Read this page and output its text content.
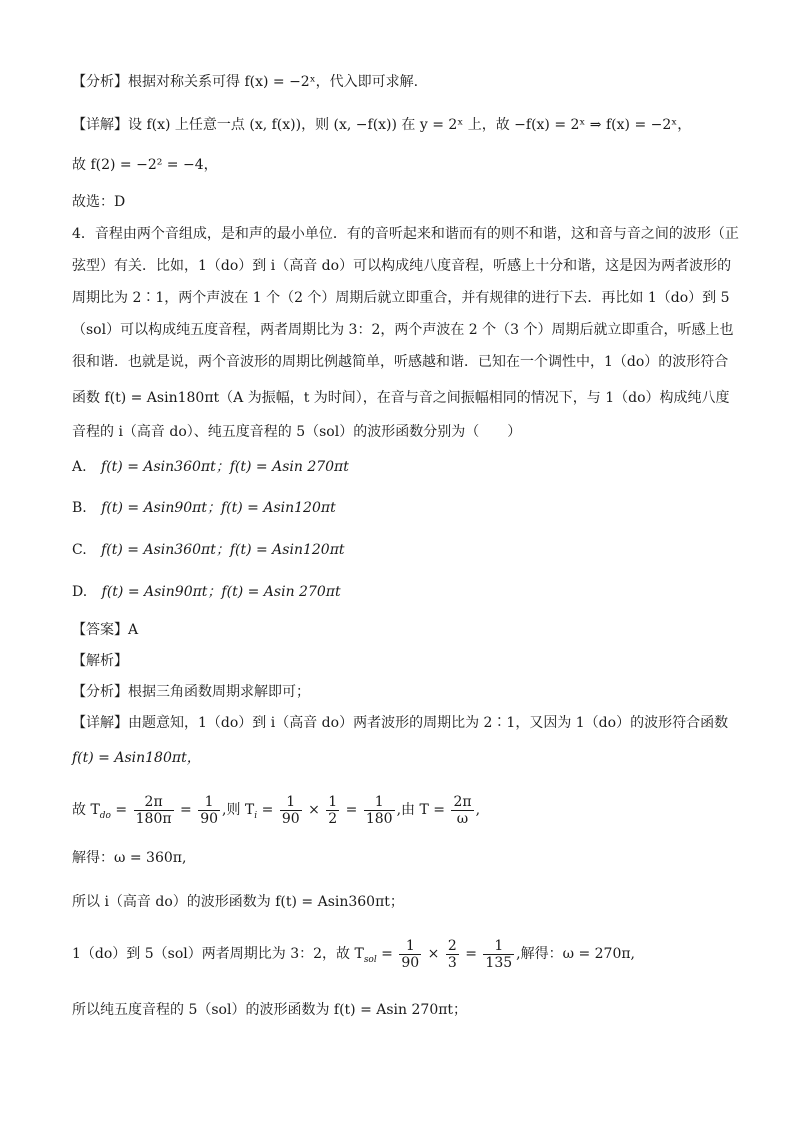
【分析】根据对称关系可得 f(x) = −2ˣ，代入即可求解.
【详解】设 f(x) 上任意一点 (x, f(x))，则 (x, −f(x)) 在 y = 2ˣ 上，故 −f(x) = 2ˣ ⇒ f(x) = −2ˣ，
故 f(2) = −2² = −4，
故选：D
4．音程由两个音组成，是和声的最小单位．有的音听起来和谐而有的则不和谐，这和音与音之间的波形（正
弦型）有关．比如，1（do）到 i（高音 do）可以构成纯八度音程，听感上十分和谐，这是因为两者波形的
周期比为 2∶1，两个声波在 1 个（2 个）周期后就立即重合，并有规律的进行下去．再比如 1（do）到 5
（sol）可以构成纯五度音程，两者周期比为 3：2，两个声波在 2 个（3 个）周期后就立即重合，听感上也
很和谐．也就是说，两个音波形的周期比例越简单，听感越和谐．已知在一个调性中，1（do）的波形符合
函数 f(t) = Asin180πt（A 为振幅，t 为时间），在音与音之间振幅相同的情况下，与 1（do）构成纯八度
音程的 i（高音 do）、纯五度音程的 5（sol）的波形函数分别为（　　）
A. f(t) = Asin360πt；f(t) = Asin 270πt
B. f(t) = Asin90πt；f(t) = Asin120πt
C. f(t) = Asin360πt；f(t) = Asin120πt
D. f(t) = Asin90πt；f(t) = Asin 270πt
【答案】A
【解析】
【分析】根据三角函数周期求解即可；
【详解】由题意知，1（do）到 i（高音 do）两者波形的周期比为 2∶1，又因为 1（do）的波形符合函数
f(t) = Asin180πt，
故 $T_{do} = \frac{2\pi}{180\pi} = \frac{1}{90}$ ,则 $T_i = \frac{1}{90} \times \frac{1}{2} = \frac{1}{180}$ ,由 $T = \frac{2\pi}{\omega}$ ,
解得：ω = 360π,
所以 i（高音 do）的波形函数为 f(t) = Asin360πt；
1（do）到 5（sol）两者周期比为 3：2，故 $T_{sol} = \frac{1}{90} \times \frac{2}{3} = \frac{1}{135}$ ,解得：ω = 270π,
所以纯五度音程的 5（sol）的波形函数为 f(t) = Asin 270πt；
